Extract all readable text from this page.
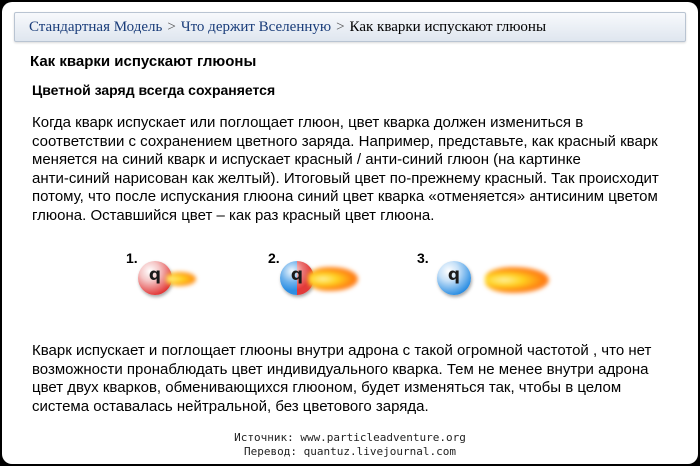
Стандартная Модель > Что держит Вселенную > Как кварки испускают глюоны
Как кварки испускают глюоны
Цветной заряд всегда сохраняется
Когда кварк испускает или поглощает глюон, цвет кварка должен измениться в
соответствии с сохранением цветного заряда. Например, представьте, как красный кварк
меняется на синий кварк и испускает красный / анти-синий глюон (на картинке
анти-синий нарисован как желтый). Итоговый цвет по-прежнему красный. Так происходит
потому, что после испускания глюона синий цвет кварка «отменяется» антисиним цветом
глюона. Оставшийся цвет – как раз красный цвет глюона.
1.
q
2.
q
3.
q
Кварк испускает и поглощает глюоны внутри адрона с такой огромной частотой , что нет
возможности пронаблюдать цвет индивидуального кварка. Тем не менее внутри адрона
цвет двух кварков, обменивающихся глюоном, будет изменяться так, чтобы в целом
система оставалась нейтральной, без цветового заряда.
Источник: www.particleadventure.org
Перевод: quantuz.livejournal.com
